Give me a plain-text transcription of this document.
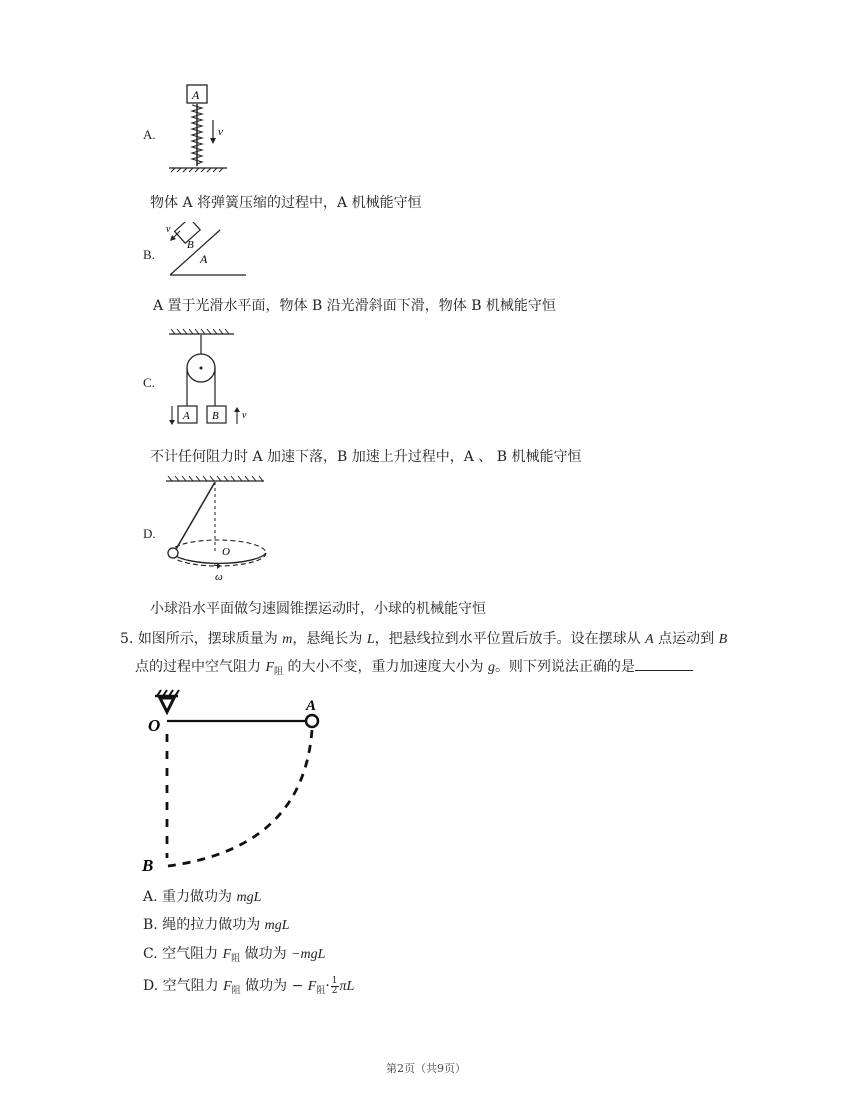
A.
A
v
物体 A 将弹簧压缩的过程中，A 机械能守恒
B.
B
A
v
A 置于光滑水平面，物体 B 沿光滑斜面下滑，物体 B 机械能守恒
C.
A B v
不计任何阻力时 A 加速下落，B 加速上升过程中，A 、 B 机械能守恒
D.
O
ω
小球沿水平面做匀速圆锥摆运动时，小球的机械能守恒
5. 如图所示，摆球质量为 m，悬绳长为 L，把悬线拉到水平位置后放手。设在摆球从 A 点运动到 B
点的过程中空气阻力 $F_阻$ 的大小不变，重力加速度大小为 g。则下列说法正确的是
O
A
B
A. 重力做功为 mgL
B. 绳的拉力做功为 mgL
C. 空气阻力 $F_阻$ 做功为 −mgL
D. 空气阻力 $F_阻$ 做功为 − $F_阻\cdot \frac{1}{2}$ πL
第2页（共9页）
